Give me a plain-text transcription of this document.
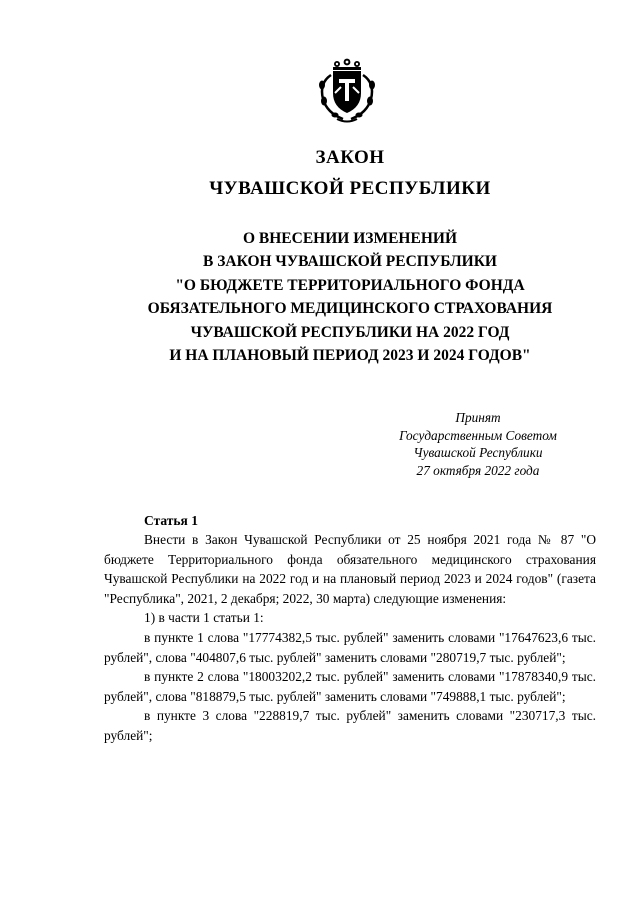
ЗАКОН
ЧУВАШСКОЙ РЕСПУБЛИКИ
О ВНЕСЕНИИ ИЗМЕНЕНИЙ
В ЗАКОН ЧУВАШСКОЙ РЕСПУБЛИКИ
"О БЮДЖЕТЕ ТЕРРИТОРИАЛЬНОГО ФОНДА
ОБЯЗАТЕЛЬНОГО МЕДИЦИНСКОГО СТРАХОВАНИЯ
ЧУВАШСКОЙ РЕСПУБЛИКИ НА 2022 ГОД
И НА ПЛАНОВЫЙ ПЕРИОД 2023 И 2024 ГОДОВ"
Принят
Государственным Советом
Чувашской Республики
27 октября 2022 года
Статья 1

Внести в Закон Чувашской Республики от 25 ноября 2021 года № 87 "О бюджете Территориального фонда обязательного медицинского страхования Чувашской Республики на 2022 год и на плановый период 2023 и 2024 годов" (газета "Республика", 2021, 2 декабря; 2022, 30 марта) следующие изменения:

1) в части 1 статьи 1:

в пункте 1 слова "17774382,5 тыс. рублей" заменить словами "17647623,6 тыс. рублей", слова "404807,6 тыс. рублей" заменить словами "280719,7 тыс. рублей";

в пункте 2 слова "18003202,2 тыс. рублей" заменить словами "17878340,9 тыс. рублей", слова "818879,5 тыс. рублей" заменить словами "749888,1 тыс. рублей";

в пункте 3 слова "228819,7 тыс. рублей" заменить словами "230717,3 тыс. рублей";
